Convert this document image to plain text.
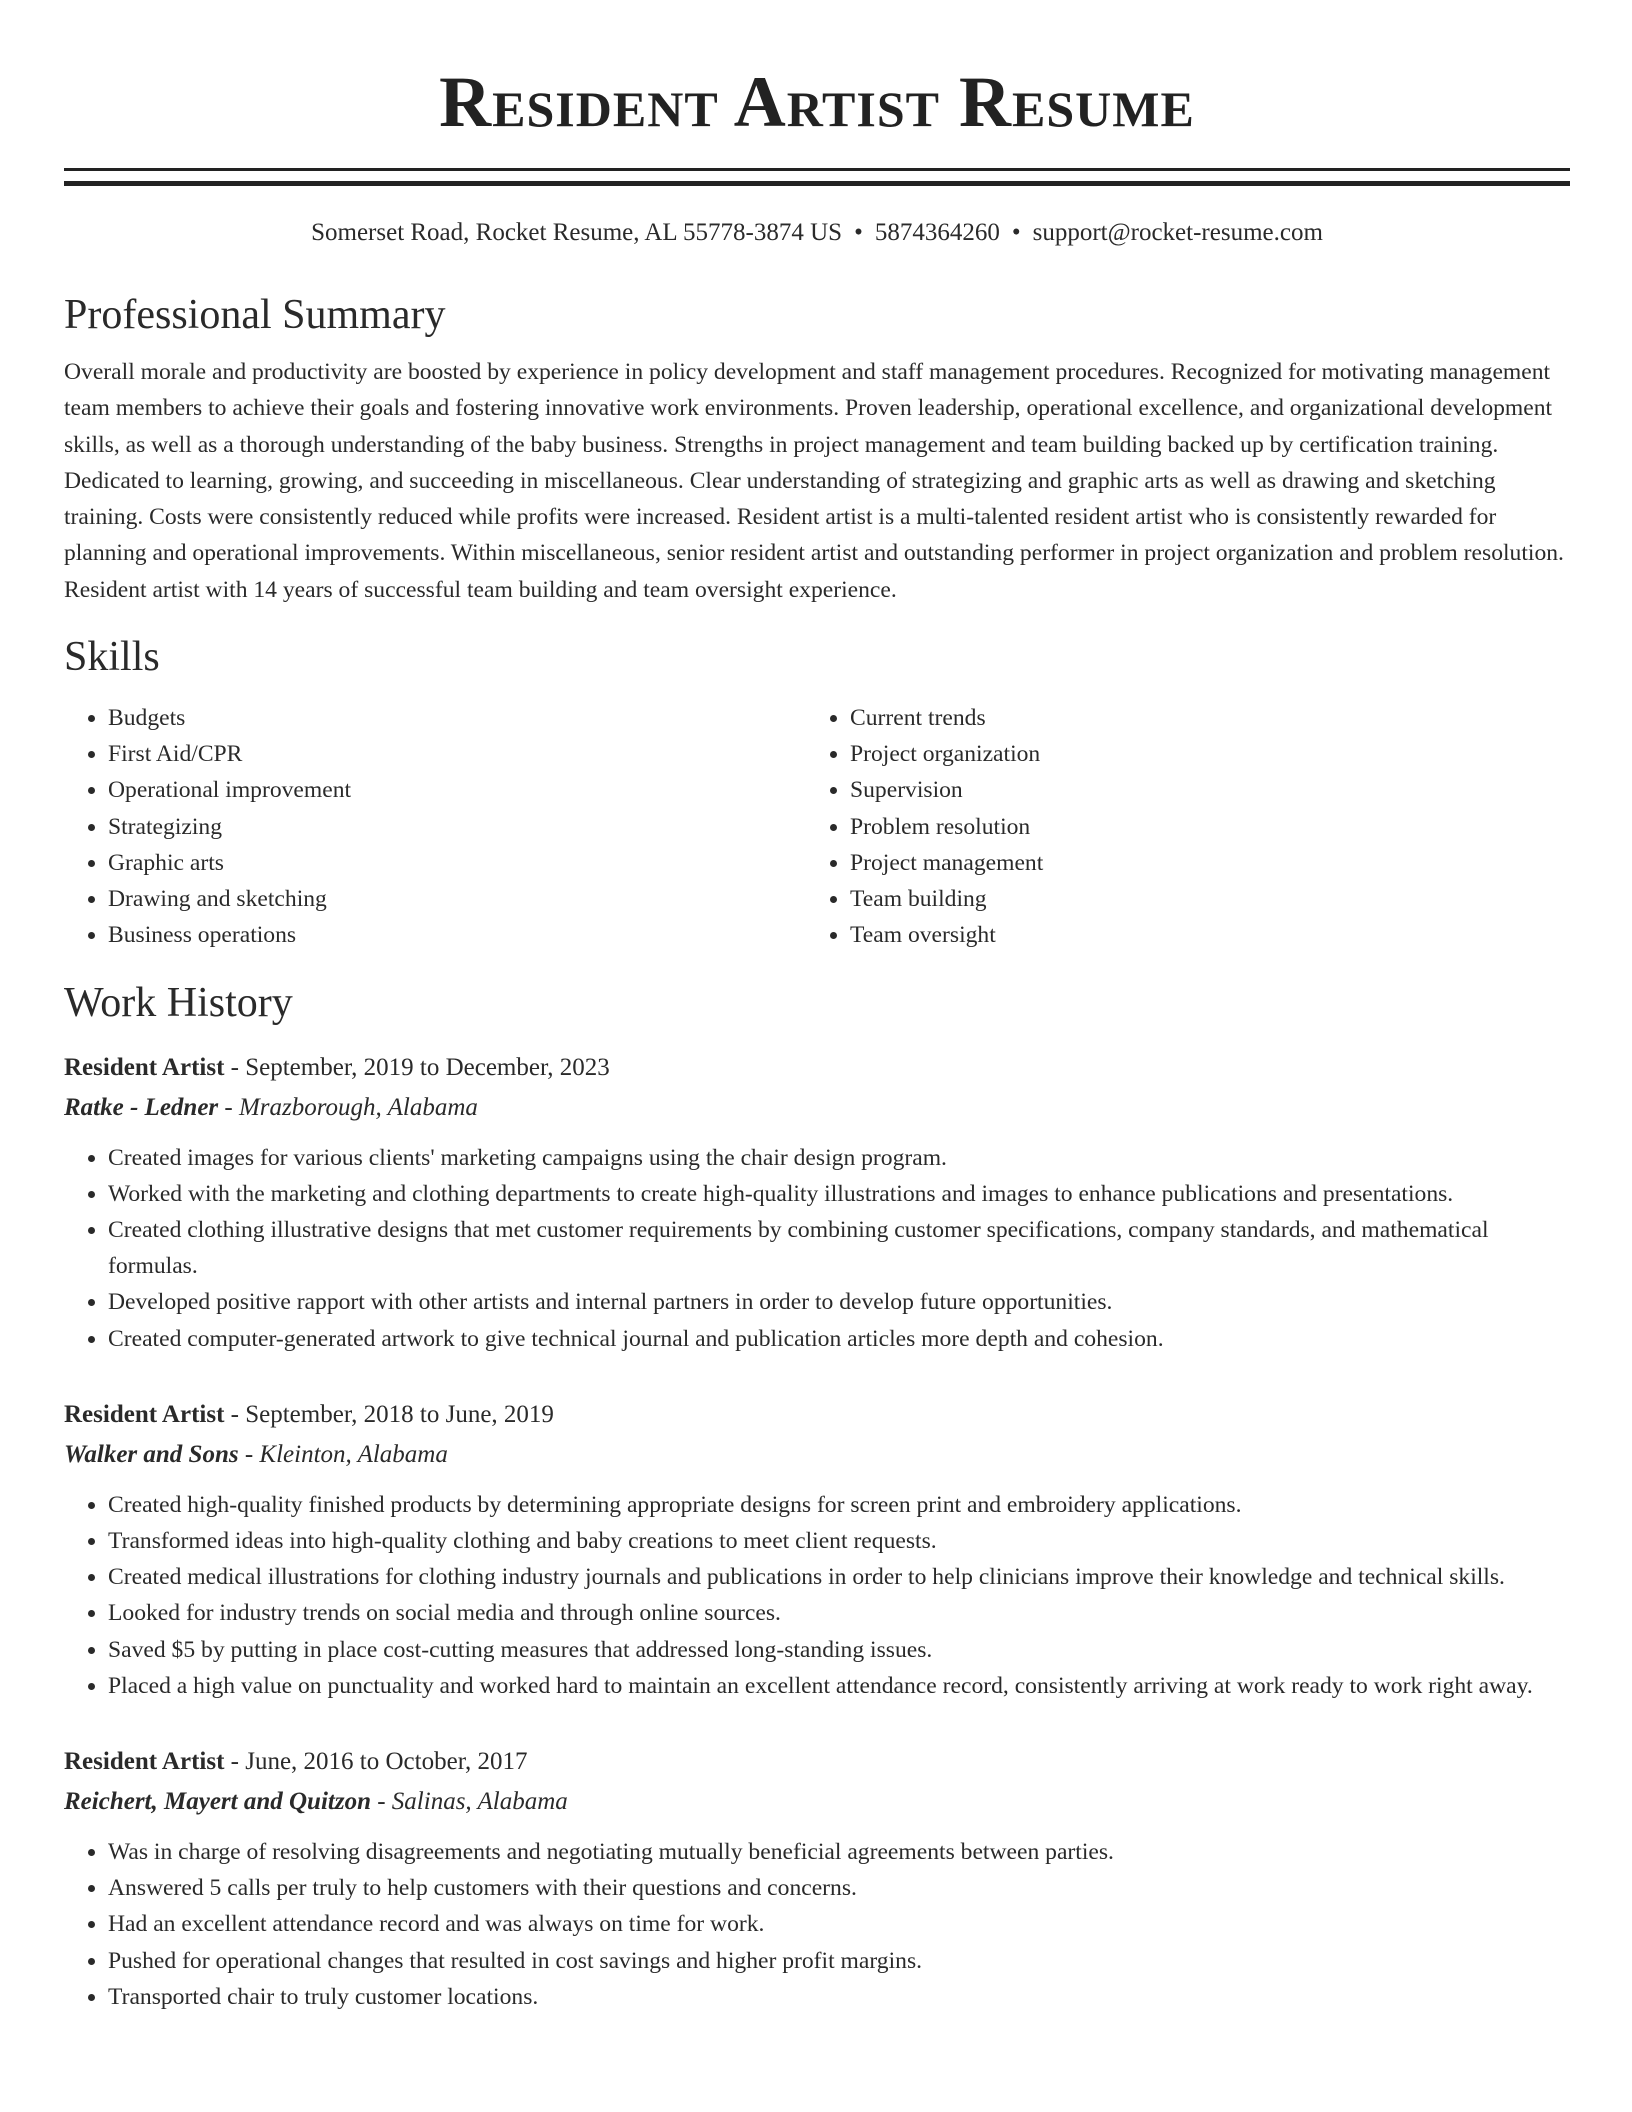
Resident Artist Resume
Somerset Road, Rocket Resume, AL 55778-3874 US • 5874364260 • support@rocket-resume.com
Professional Summary

Overall morale and productivity are boosted by experience in policy development and staff management procedures. Recognized for motivating management team members to achieve their goals and fostering innovative work environments. Proven leadership, operational excellence, and organizational development skills, as well as a thorough understanding of the baby business. Strengths in project management and team building backed up by certification training. Dedicated to learning, growing, and succeeding in miscellaneous. Clear understanding of strategizing and graphic arts as well as drawing and sketching training. Costs were consistently reduced while profits were increased. Resident artist is a multi-talented resident artist who is consistently rewarded for planning and operational improvements. Within miscellaneous, senior resident artist and outstanding performer in project organization and problem resolution. Resident artist with 14 years of successful team building and team oversight experience.

Skills
• Budgets
• First Aid/CPR
• Operational improvement
• Strategizing
• Graphic arts
• Drawing and sketching
• Business operations
• Current trends
• Project organization
• Supervision
• Problem resolution
• Project management
• Team building
• Team oversight
Work History
Resident Artist - September, 2019 to December, 2023
Ratke - Ledner - Mrazborough, Alabama
• Created images for various clients' marketing campaigns using the chair design program.
• Worked with the marketing and clothing departments to create high-quality illustrations and images to enhance publications and presentations.
• Created clothing illustrative designs that met customer requirements by combining customer specifications, company standards, and mathematical formulas.
• Developed positive rapport with other artists and internal partners in order to develop future opportunities.
• Created computer-generated artwork to give technical journal and publication articles more depth and cohesion.
Resident Artist - September, 2018 to June, 2019
Walker and Sons - Kleinton, Alabama
• Created high-quality finished products by determining appropriate designs for screen print and embroidery applications.
• Transformed ideas into high-quality clothing and baby creations to meet client requests.
• Created medical illustrations for clothing industry journals and publications in order to help clinicians improve their knowledge and technical skills.
• Looked for industry trends on social media and through online sources.
• Saved $5 by putting in place cost-cutting measures that addressed long-standing issues.
• Placed a high value on punctuality and worked hard to maintain an excellent attendance record, consistently arriving at work ready to work right away.
Resident Artist - June, 2016 to October, 2017
Reichert, Mayert and Quitzon - Salinas, Alabama
• Was in charge of resolving disagreements and negotiating mutually beneficial agreements between parties.
• Answered 5 calls per truly to help customers with their questions and concerns.
• Had an excellent attendance record and was always on time for work.
• Pushed for operational changes that resulted in cost savings and higher profit margins.
• Transported chair to truly customer locations.
